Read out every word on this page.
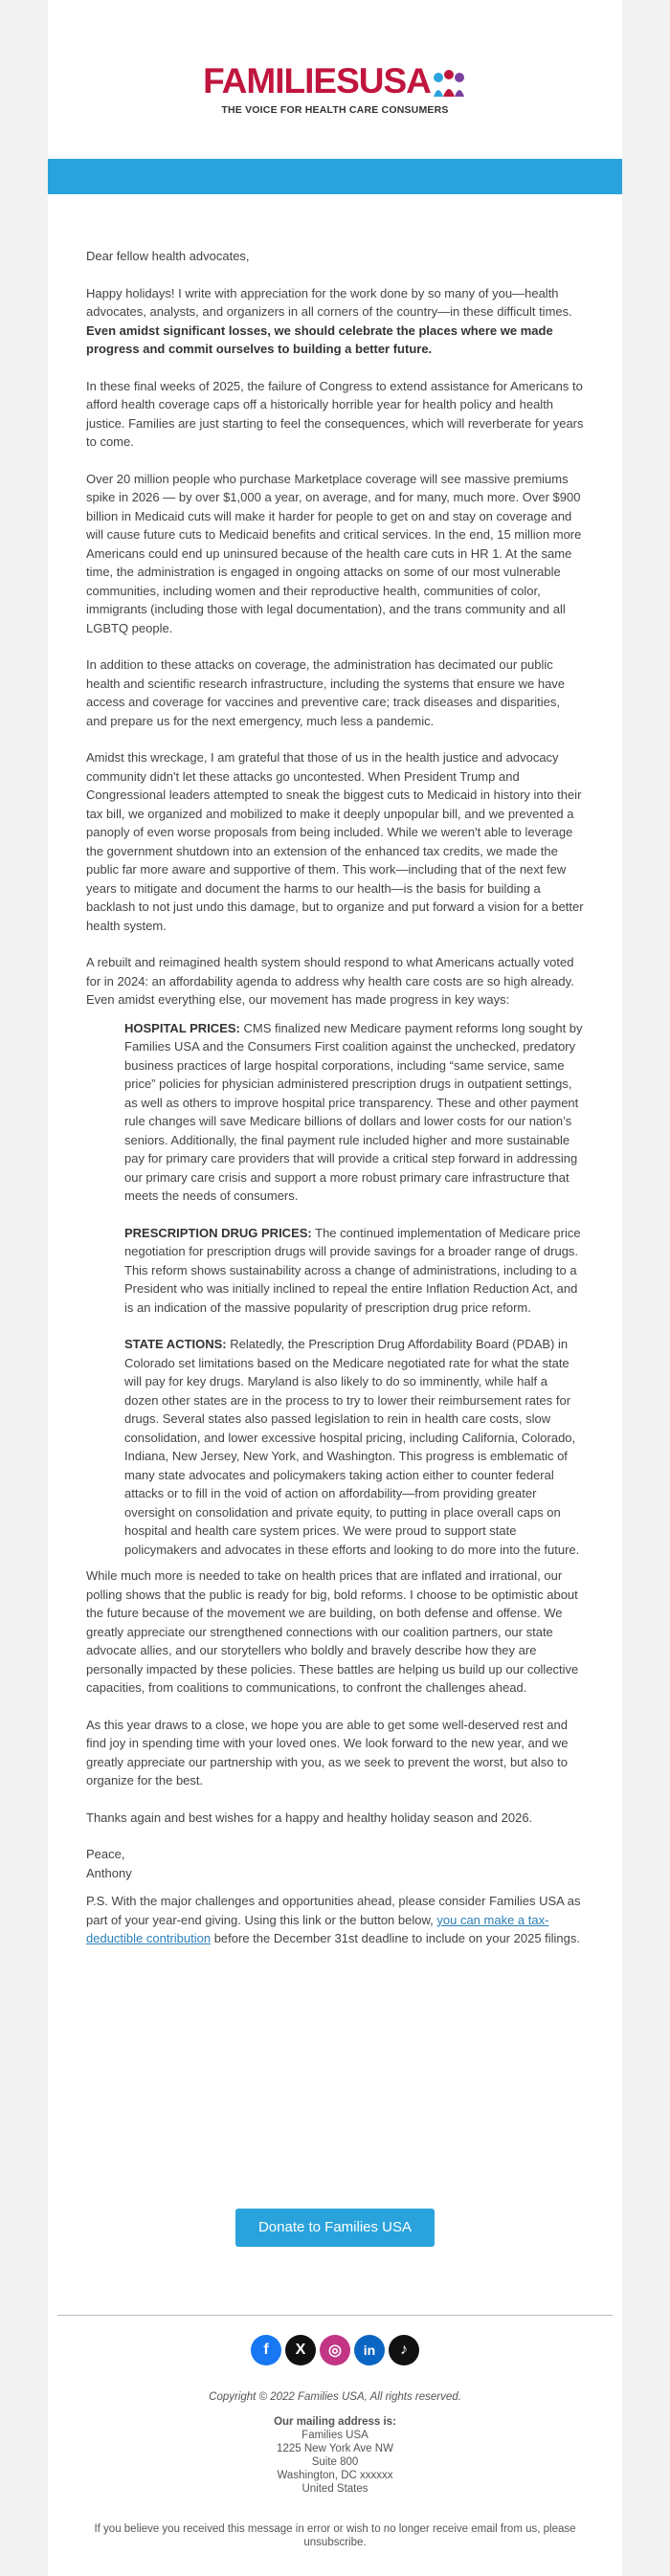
FAMILIESUSA
THE VOICE FOR HEALTH CARE CONSUMERS

Dear fellow health advocates,

Happy holidays! I write with appreciation for the work done by so many of you—health advocates, analysts, and organizers in all corners of the country—in these difficult times. Even amidst significant losses, we should celebrate the places where we made progress and commit ourselves to building a better future.

In these final weeks of 2025, the failure of Congress to extend assistance for Americans to afford health coverage caps off a historically horrible year for health policy and health justice. Families are just starting to feel the consequences, which will reverberate for years to come.

Over 20 million people who purchase Marketplace coverage will see massive premiums spike in 2026 — by over $1,000 a year, on average, and for many, much more. Over $900 billion in Medicaid cuts will make it harder for people to get on and stay on coverage and will cause future cuts to Medicaid benefits and critical services. In the end, 15 million more Americans could end up uninsured because of the health care cuts in HR 1. At the same time, the administration is engaged in ongoing attacks on some of our most vulnerable communities, including women and their reproductive health, communities of color, immigrants (including those with legal documentation), and the trans community and all LGBTQ people.

In addition to these attacks on coverage, the administration has decimated our public health and scientific research infrastructure, including the systems that ensure we have access and coverage for vaccines and preventive care; track diseases and disparities, and prepare us for the next emergency, much less a pandemic.

Amidst this wreckage, I am grateful that those of us in the health justice and advocacy community didn't let these attacks go uncontested. When President Trump and Congressional leaders attempted to sneak the biggest cuts to Medicaid in history into their tax bill, we organized and mobilized to make it deeply unpopular bill, and we prevented a panoply of even worse proposals from being included. While we weren't able to leverage the government shutdown into an extension of the enhanced tax credits, we made the public far more aware and supportive of them. This work—including that of the next few years to mitigate and document the harms to our health—is the basis for building a backlash to not just undo this damage, but to organize and put forward a vision for a better health system.

A rebuilt and reimagined health system should respond to what Americans actually voted for in 2024: an affordability agenda to address why health care costs are so high already. Even amidst everything else, our movement has made progress in key ways:

HOSPITAL PRICES: CMS finalized new Medicare payment reforms long sought by Families USA and the Consumers First coalition against the unchecked, predatory business practices of large hospital corporations, including “same service, same price” policies for physician administered prescription drugs in outpatient settings, as well as others to improve hospital price transparency. These and other payment rule changes will save Medicare billions of dollars and lower costs for our nation’s seniors. Additionally, the final payment rule included higher and more sustainable pay for primary care providers that will provide a critical step forward in addressing our primary care crisis and support a more robust primary care infrastructure that meets the needs of consumers.

PRESCRIPTION DRUG PRICES: The continued implementation of Medicare price negotiation for prescription drugs will provide savings for a broader range of drugs. This reform shows sustainability across a change of administrations, including to a President who was initially inclined to repeal the entire Inflation Reduction Act, and is an indication of the massive popularity of prescription drug price reform.

STATE ACTIONS: Relatedly, the Prescription Drug Affordability Board (PDAB) in Colorado set limitations based on the Medicare negotiated rate for what the state will pay for key drugs. Maryland is also likely to do so imminently, while half a dozen other states are in the process to try to lower their reimbursement rates for drugs. Several states also passed legislation to rein in health care costs, slow consolidation, and lower excessive hospital pricing, including California, Colorado, Indiana, New Jersey, New York, and Washington. This progress is emblematic of many state advocates and policymakers taking action either to counter federal attacks or to fill in the void of action on affordability—from providing greater oversight on consolidation and private equity, to putting in place overall caps on hospital and health care system prices. We were proud to support state policymakers and advocates in these efforts and looking to do more into the future.

While much more is needed to take on health prices that are inflated and irrational, our polling shows that the public is ready for big, bold reforms. I choose to be optimistic about the future because of the movement we are building, on both defense and offense. We greatly appreciate our strengthened connections with our coalition partners, our state advocate allies, and our storytellers who boldly and bravely describe how they are personally impacted by these policies. These battles are helping us build up our collective capacities, from coalitions to communications, to confront the challenges ahead.

As this year draws to a close, we hope you are able to get some well-deserved rest and find joy in spending time with your loved ones. We look forward to the new year, and we greatly appreciate our partnership with you, as we seek to prevent the worst, but also to organize for the best.

Thanks again and best wishes for a happy and healthy holiday season and 2026.

Peace,
Anthony

P.S. With the major challenges and opportunities ahead, please consider Families USA as part of your year-end giving. Using this link or the button below, you can make a tax-deductible contribution before the December 31st deadline to include on your 2025 filings.

Donate to Families USA
f X ◎ in ♪
Copyright © 2022 Families USA, All rights reserved.
Our mailing address is:
Families USA
1225 New York Ave NW
Suite 800
Washington, DC xxxxxx
United States
If you believe you received this message in error or wish to no longer receive email from us, please unsubscribe.
